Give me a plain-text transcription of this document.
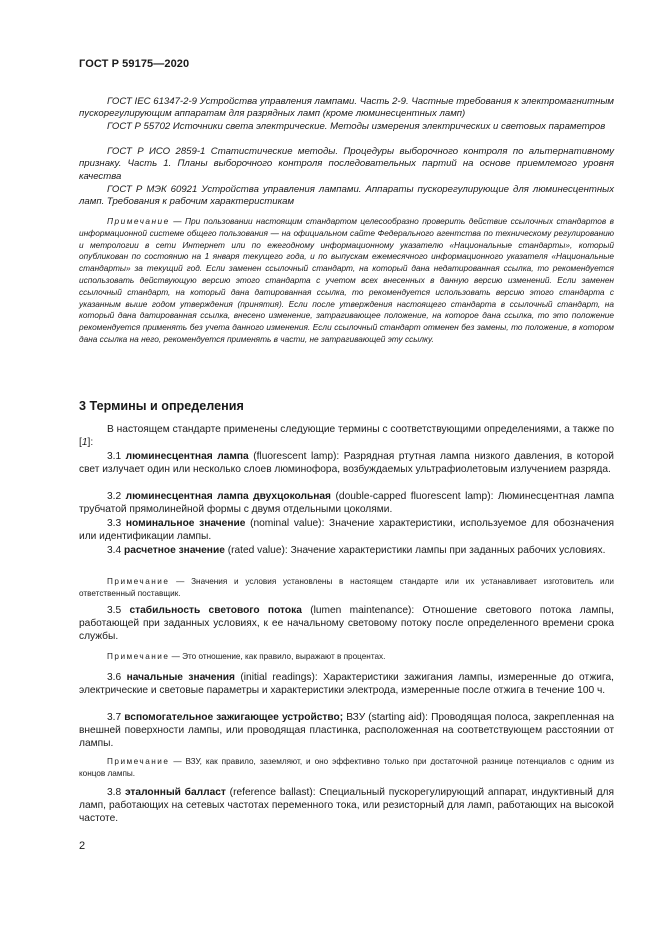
ГОСТ Р 59175—2020

ГОСТ IEC 61347-2-9 Устройства управления лампами. Часть 2-9. Частные требования к электромагнитным пускорегулирующим аппаратам для разрядных ламп (кроме люминесцентных ламп)

ГОСТ Р 55702 Источники света электрические. Методы измерения электрических и световых параметров

ГОСТ Р ИСО 2859-1 Статистические методы. Процедуры выборочного контроля по альтернативному признаку. Часть 1. Планы выборочного контроля последовательных партий на основе приемлемого уровня качества

ГОСТ Р МЭК 60921 Устройства управления лампами. Аппараты пускорегулирующие для люминесцентных ламп. Требования к рабочим характеристикам

Примечание — При пользовании настоящим стандартом целесообразно проверить действие ссылочных стандартов в информационной системе общего пользования — на официальном сайте Федерального агентства по техническому регулированию и метрологии в сети Интернет или по ежегодному информационному указателю «Национальные стандарты», который опубликован по состоянию на 1 января текущего года, и по выпускам ежемесячного информационного указателя «Национальные стандарты» за текущий год. Если заменен ссылочный стандарт, на который дана недатированная ссылка, то рекомендуется использовать действующую версию этого стандарта с учетом всех внесенных в данную версию изменений. Если заменен ссылочный стандарт, на который дана датированная ссылка, то рекомендуется использовать версию этого стандарта с указанным выше годом утверждения (принятия). Если после утверждения настоящего стандарта в ссылочный стандарт, на который дана датированная ссылка, внесено изменение, затрагивающее положение, на которое дана ссылка, то это положение рекомендуется применять без учета данного изменения. Если ссылочный стандарт отменен без замены, то положение, в котором дана ссылка на него, рекомендуется применять в части, не затрагивающей эту ссылку.

3 Термины и определения

В настоящем стандарте применены следующие термины с соответствующими определениями, а также по [1]:

3.1 люминесцентная лампа (fluorescent lamp): Разрядная ртутная лампа низкого давления, в которой свет излучает один или несколько слоев люминофора, возбуждаемых ультрафиолетовым излучением разряда.

3.2 люминесцентная лампа двухцокольная (double-capped fluorescent lamp): Люминесцентная лампа трубчатой прямолинейной формы с двумя отдельными цоколями.

3.3 номинальное значение (nominal value): Значение характеристики, используемое для обозначения или идентификации лампы.

3.4 расчетное значение (rated value): Значение характеристики лампы при заданных рабочих условиях.

Примечание — Значения и условия установлены в настоящем стандарте или их устанавливает изготовитель или ответственный поставщик.

3.5 стабильность светового потока (lumen maintenance): Отношение светового потока лампы, работающей при заданных условиях, к ее начальному световому потоку после определенного времени срока службы.

Примечание — Это отношение, как правило, выражают в процентах.

3.6 начальные значения (initial readings): Характеристики зажигания лампы, измеренные до отжига, электрические и световые параметры и характеристики электрода, измеренные после отжига в течение 100 ч.

3.7 вспомогательное зажигающее устройство; ВЗУ (starting aid): Проводящая полоса, закрепленная на внешней поверхности лампы, или проводящая пластинка, расположенная на соответствующем расстоянии от лампы.

Примечание — ВЗУ, как правило, заземляют, и оно эффективно только при достаточной разнице потенциалов с одним из концов лампы.

3.8 эталонный балласт (reference ballast): Специальный пускорегулирующий аппарат, индуктивный для ламп, работающих на сетевых частотах переменного тока, или резисторный для ламп, работающих на высокой частоте.

2
